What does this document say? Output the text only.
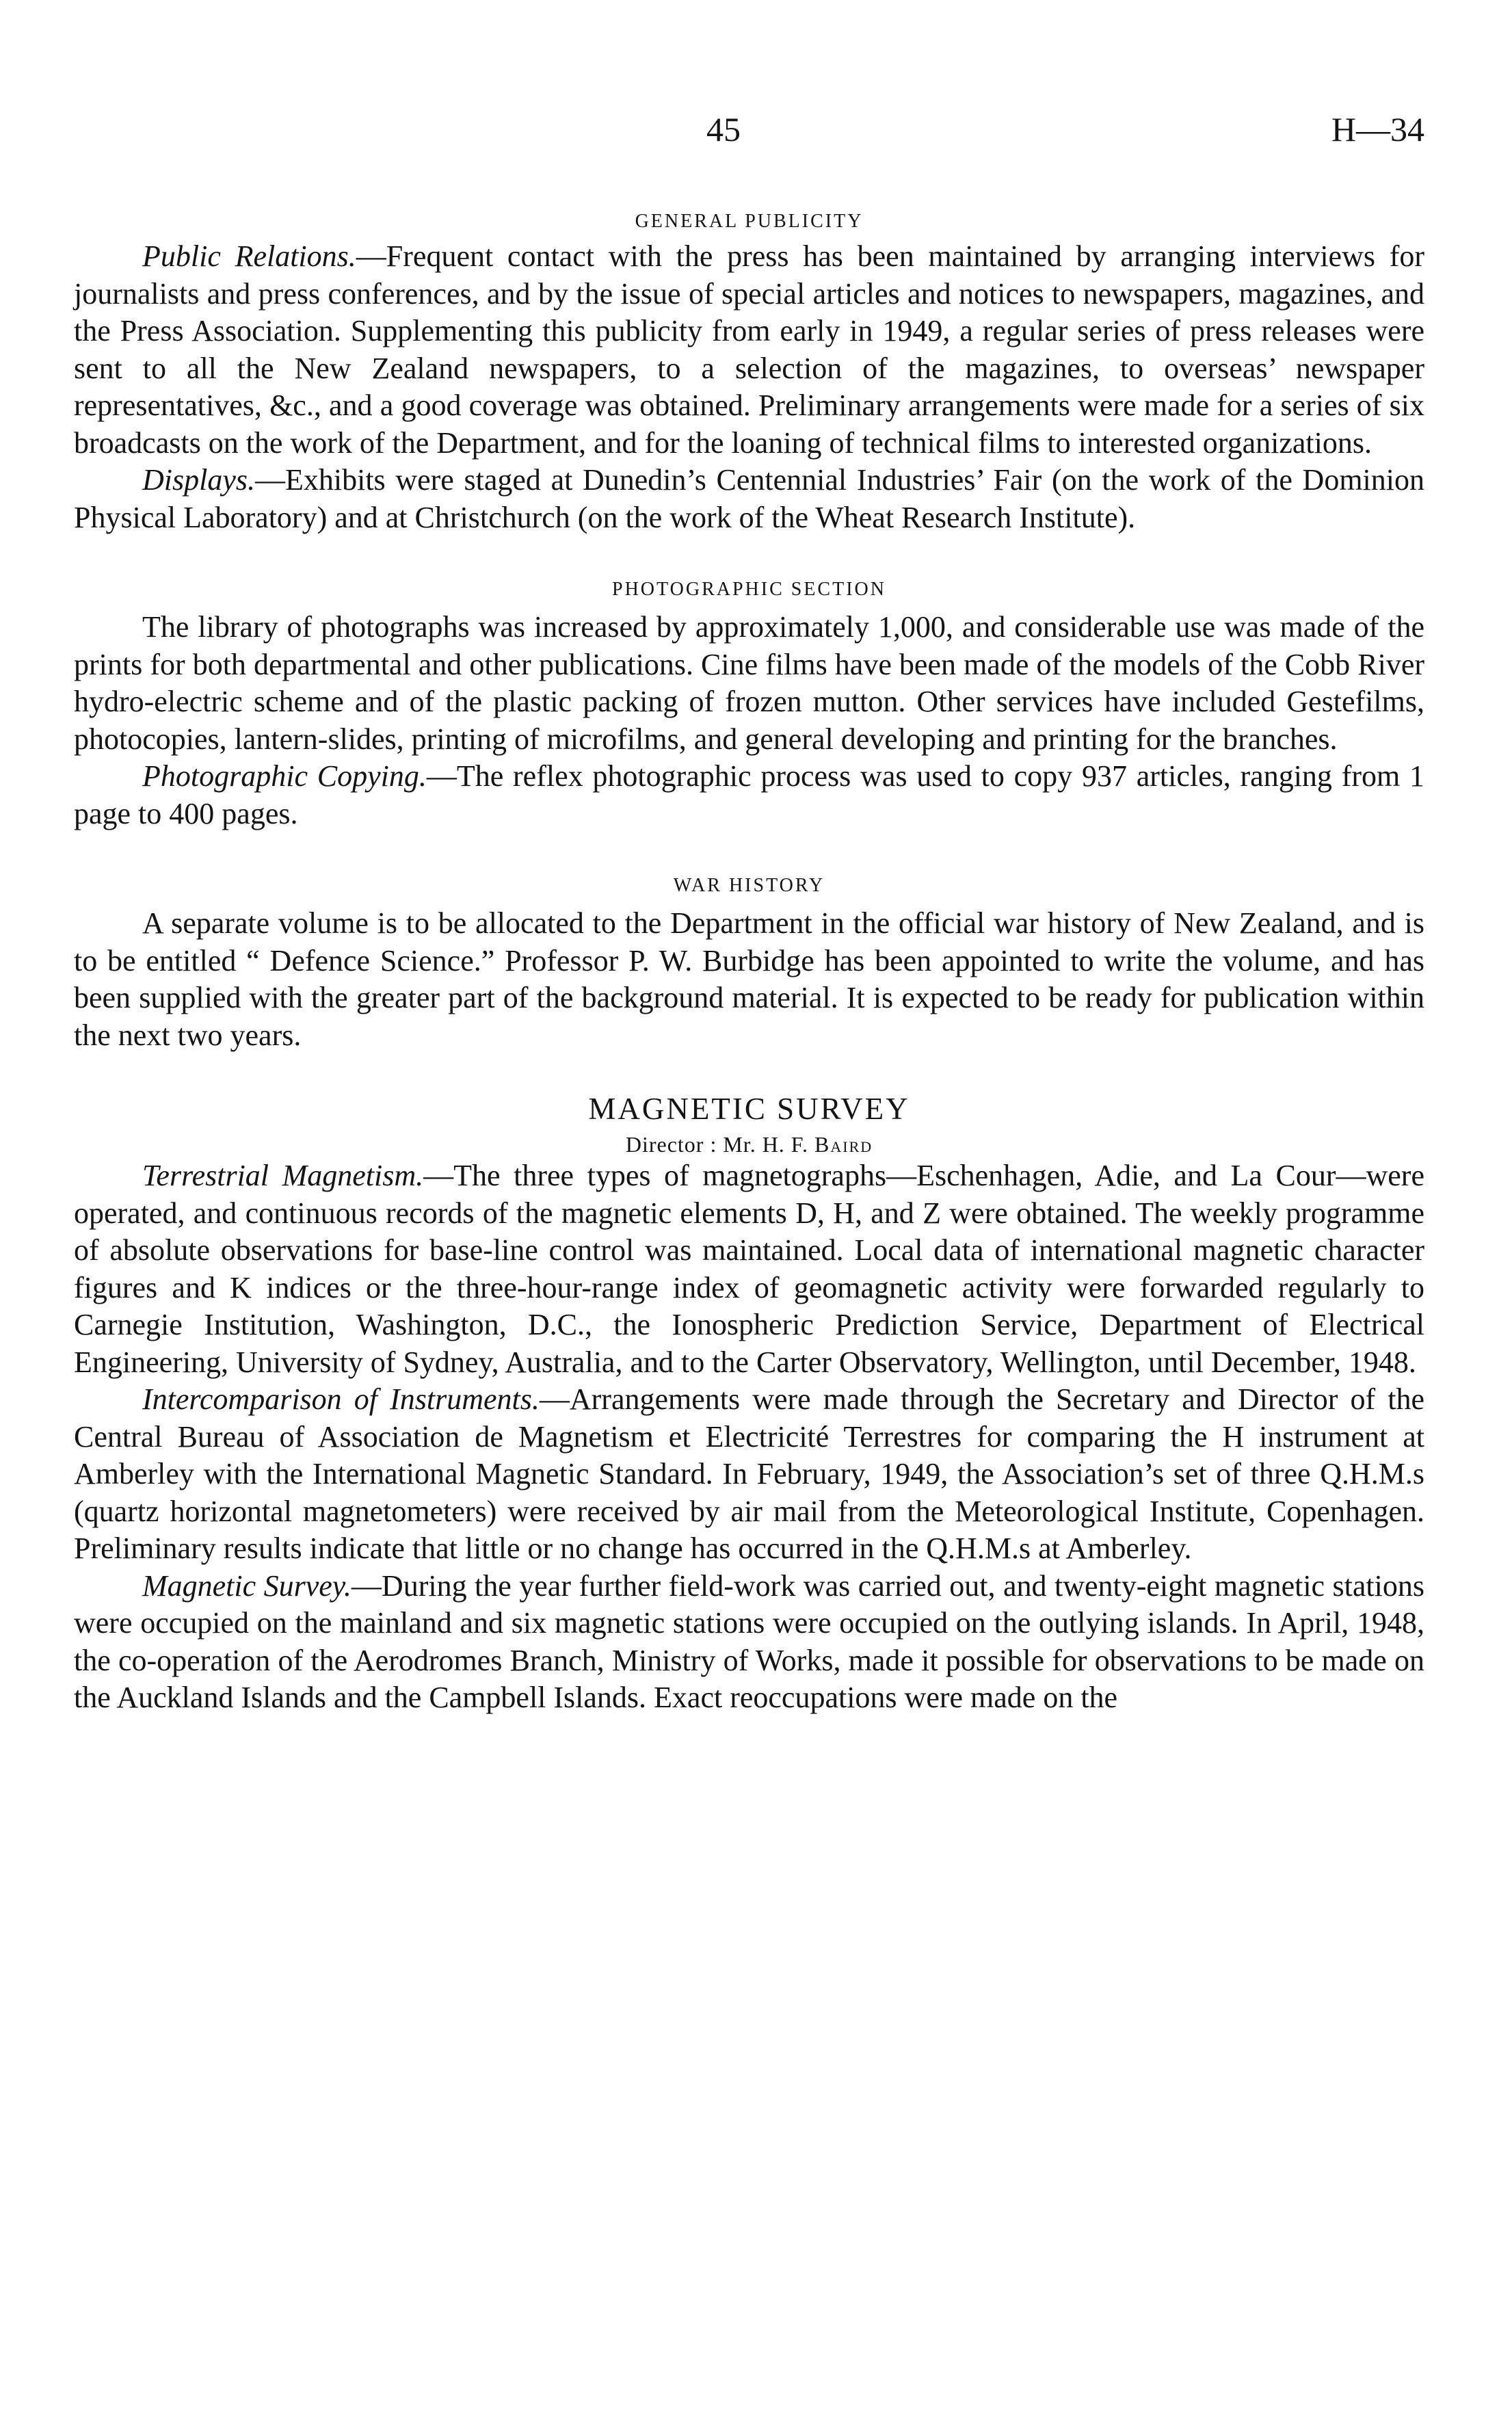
45	H—34
GENERAL PUBLICITY

Public Relations.—Frequent contact with the press has been maintained by arranging interviews for journalists and press conferences, and by the issue of special articles and notices to newspapers, magazines, and the Press Association. Supplementing this publicity from early in 1949, a regular series of press releases were sent to all the New Zealand newspapers, to a selection of the magazines, to overseas’ newspaper representatives, &c., and a good coverage was obtained. Preliminary arrangements were made for a series of six broadcasts on the work of the Department, and for the loaning of technical films to interested organizations.

Displays.—Exhibits were staged at Dunedin’s Centennial Industries’ Fair (on the work of the Dominion Physical Laboratory) and at Christchurch (on the work of the Wheat Research Institute).

PHOTOGRAPHIC SECTION

The library of photographs was increased by approximately 1,000, and considerable use was made of the prints for both departmental and other publications. Cine films have been made of the models of the Cobb River hydro-electric scheme and of the plastic packing of frozen mutton. Other services have included Gestefilms, photocopies, lantern-slides, printing of microfilms, and general developing and printing for the branches.

Photographic Copying.—The reflex photographic process was used to copy 937 articles, ranging from 1 page to 400 pages.

WAR HISTORY

A separate volume is to be allocated to the Department in the official war history of New Zealand, and is to be entitled “ Defence Science.” Professor P. W. Burbidge has been appointed to write the volume, and has been supplied with the greater part of the background material. It is expected to be ready for publication within the next two years.

MAGNETIC SURVEY
Director : Mr. H. F. Baird

Terrestrial Magnetism.—The three types of magnetographs—Eschenhagen, Adie, and La Cour—were operated, and continuous records of the magnetic elements D, H, and Z were obtained. The weekly programme of absolute observations for base-line control was maintained. Local data of international magnetic character figures and K indices or the three-hour-range index of geomagnetic activity were forwarded regularly to Carnegie Institution, Washington, D.C., the Ionospheric Prediction Service, Department of Electrical Engineering, University of Sydney, Australia, and to the Carter Observatory, Wellington, until December, 1948.

Intercomparison of Instruments.—Arrangements were made through the Secretary and Director of the Central Bureau of Association de Magnetism et Electricité Terrestres for comparing the H instrument at Amberley with the International Magnetic Standard. In February, 1949, the Association’s set of three Q.H.M.s (quartz horizontal magnetometers) were received by air mail from the Meteorological Institute, Copenhagen. Preliminary results indicate that little or no change has occurred in the Q.H.M.s at Amberley.

Magnetic Survey.—During the year further field-work was carried out, and twenty-eight magnetic stations were occupied on the mainland and six magnetic stations were occupied on the outlying islands. In April, 1948, the co-operation of the Aerodromes Branch, Ministry of Works, made it possible for observations to be made on the Auckland Islands and the Campbell Islands. Exact reoccupations were made on the
